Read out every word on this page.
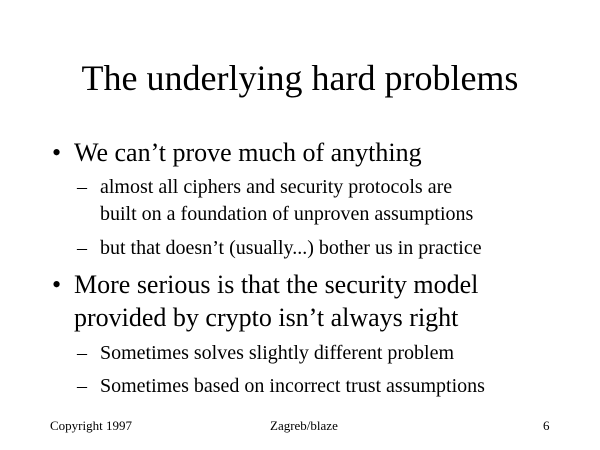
The underlying hard problems
• We can’t prove much of anything
– almost all ciphers and security protocols are
built on a foundation of unproven assumptions
– but that doesn’t (usually...) bother us in practice
• More serious is that the security model
provided by crypto isn’t always right
– Sometimes solves slightly different problem
– Sometimes based on incorrect trust assumptions
Copyright 1997	Zagreb/blaze	6
